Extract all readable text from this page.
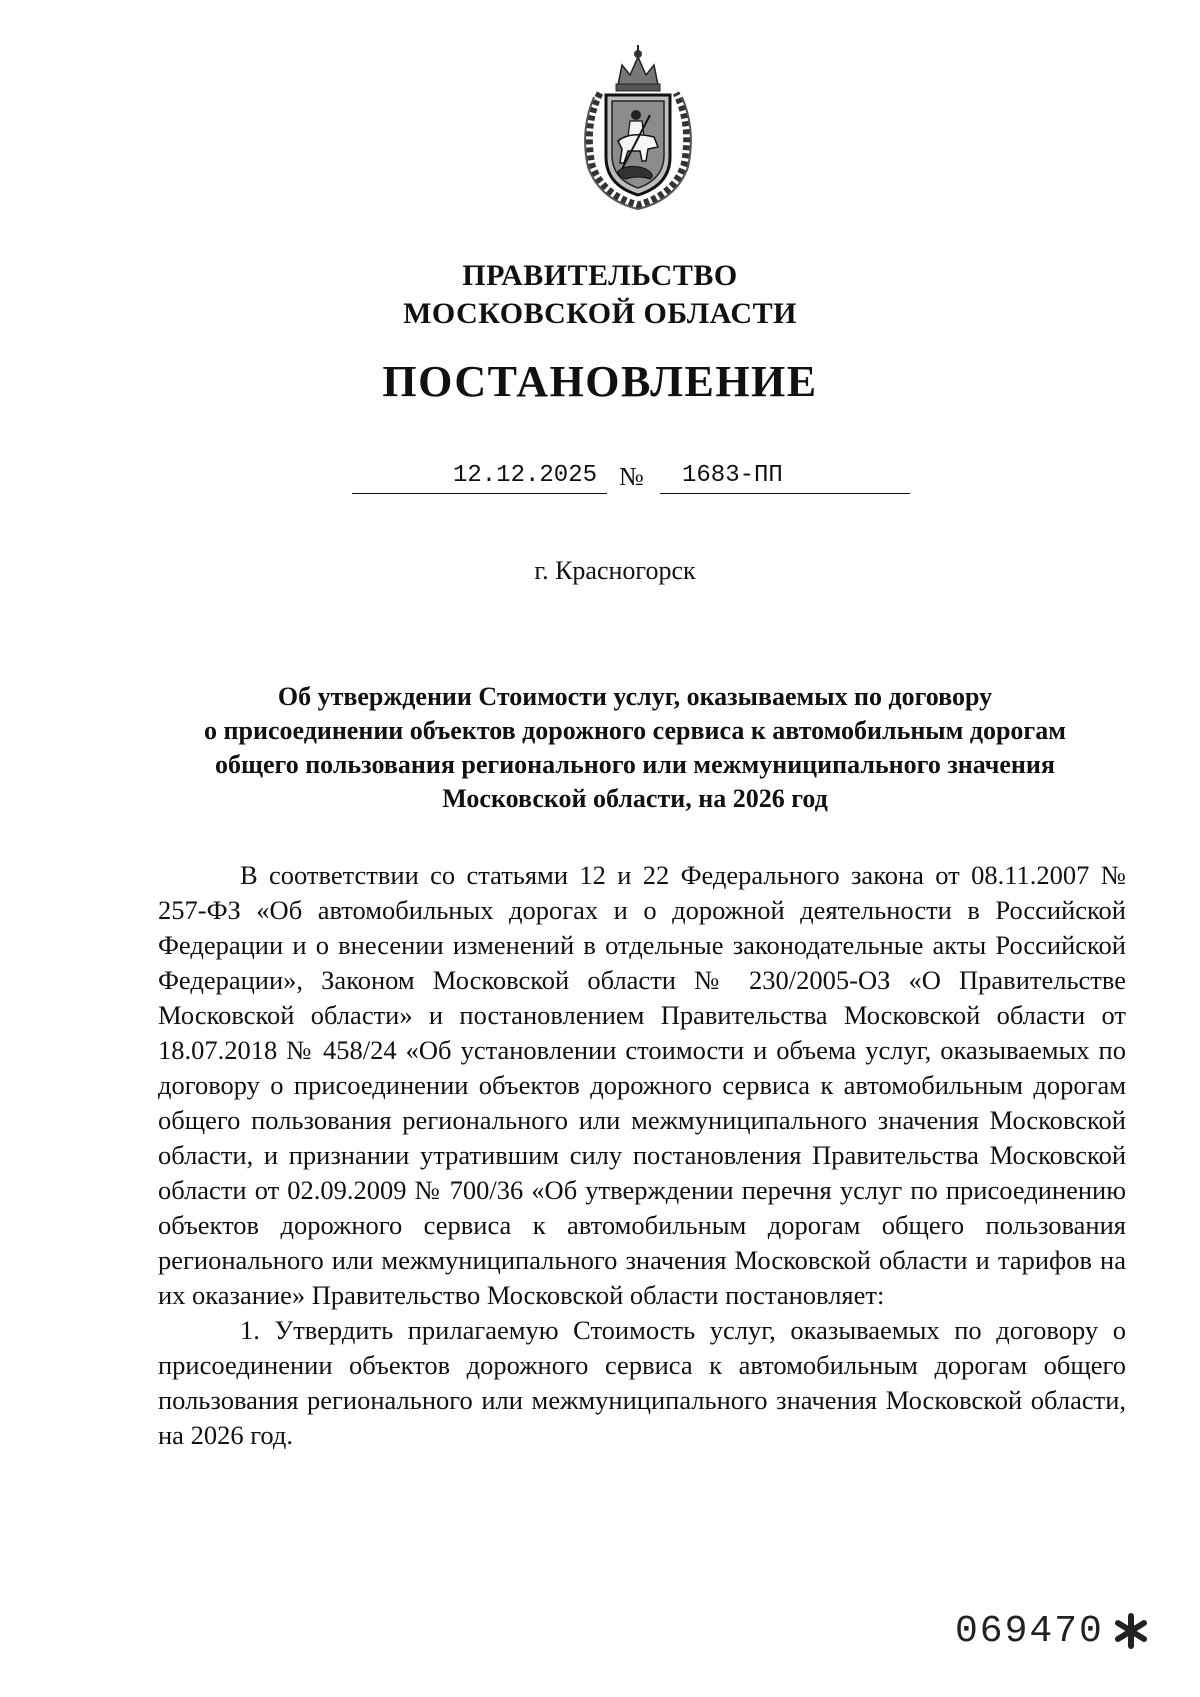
ПРАВИТЕЛЬСТВО
МОСКОВСКОЙ ОБЛАСТИ
ПОСТАНОВЛЕНИЕ
12.12.2025 №	1683-ПП
г. Красногорск
Об утверждении Стоимости услуг, оказываемых по договору
о присоединении объектов дорожного сервиса к автомобильным дорогам
общего пользования регионального или межмуниципального значения
Московской области, на 2026 год

В соответствии со статьями 12 и 22 Федерального закона от 08.11.2007 № 257-ФЗ «Об автомобильных дорогах и о дорожной деятельности в Российской Федерации и о внесении изменений в отдельные законодательные акты Российской Федерации», Законом Московской области № 230/2005-ОЗ «О Правительстве Московской области» и постановлением Правительства Московской области от 18.07.2018 № 458/24 «Об установлении стоимости и объема услуг, оказываемых по договору о присоединении объектов дорожного сервиса к автомобильным дорогам общего пользования регионального или межмуниципального значения Московской области, и признании утратившим силу постановления Правительства Московской области от 02.09.2009 № 700/36 «Об утверждении перечня услуг по присоединению объектов дорожного сервиса к автомобильным дорогам общего пользования регионального или межмуниципального значения Московской области и тарифов на их оказание» Правительство Московской области постановляет:

1. Утвердить прилагаемую Стоимость услуг, оказываемых по договору о присоединении объектов дорожного сервиса к автомобильным дорогам общего пользования регионального или межмуниципального значения Московской области, на 2026 год.

069470
